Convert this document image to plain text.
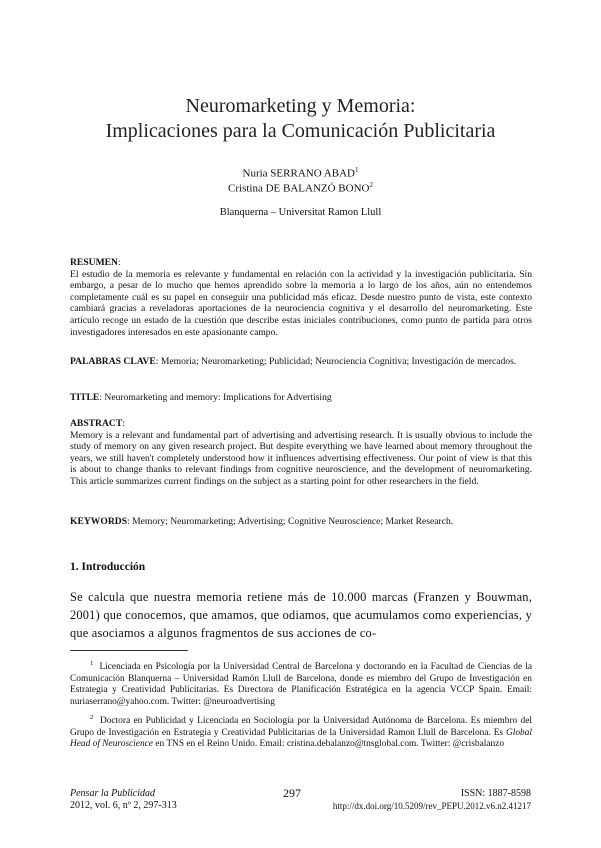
Neuromarketing y Memoria:
Implicaciones para la Comunicación Publicitaria
Nuria SERRANO ABAD$^1$
Cristina DE BALANZÓ BONO$^2$
Blanquerna – Universitat Ramon Llull
RESUMEN:
El estudio de la memoria es relevante y fundamental en relación con la actividad y la investigación publicitaria. Sin embargo, a pesar de lo mucho que hemos aprendido sobre la memoria a lo largo de los años, aún no entendemos completamente cuál es su papel en conseguir una publicidad más eficaz. Desde nuestro punto de vista, este contexto cambiará gracias a reveladoras aportaciones de la neurociencia cognitiva y el desarrollo del neuromarketing. Este artículo recoge un estado de la cuestión que describe estas iniciales contribuciones, como punto de partida para otros investigadores interesados en este apasionante campo.
PALABRAS CLAVE: Memoria; Neuromarketing; Publicidad; Neurociencia Cognitiva; Investigación de mercados.
TITLE: Neuromarketing and memory: Implications for Advertising
ABSTRACT:
Memory is a relevant and fundamental part of advertising and advertising research. It is usually obvious to include the study of memory on any given research project. But despite everything we have learned about memory throughout the years, we still haven't completely understood how it influences advertising effectiveness. Our point of view is that this is about to change thanks to relevant findings from cognitive neuroscience, and the development of neuromarketing. This article summarizes current findings on the subject as a starting point for other researchers in the field.
KEYWORDS: Memory; Neuromarketing; Advertising; Cognitive Neuroscience; Market Research.
1. Introducción
Se calcula que nuestra memoria retiene más de 10.000 marcas (Franzen y Bouwman, 2001) que conocemos, que amamos, que odiamos, que acumulamos como experiencias, y que asociamos a algunos fragmentos de sus acciones de co-
$^1$ Licenciada en Psicología por la Universidad Central de Barcelona y doctorando en la Facultad de Ciencias de la Comunicación Blanquerna – Universidad Ramón Llull de Barcelona, donde es miembro del Grupo de Investigación en Estrategia y Creatividad Publicitarias. Es Directora de Planificación Estratégica en la agencia VCCP Spain. Email: nuriaserrano@yahoo.com. Twitter: @neuroadvertising
$^2$ Doctora en Publicidad y Licenciada en Sociología por la Universidad Autónoma de Barcelona. Es miembro del Grupo de Investigación en Estrategia y Creatividad Publicitarias de la Universidad Ramon Llull de Barcelona. Es Global Head of Neuroscience en TNS en el Reino Unido. Email: cristina.debalanzo@tnsglobal.com. Twitter: @crisbalanzo
Pensar la Publicidad
2012, vol. 6, nº 2, 297-313
297	ISSN: 1887-8598
http://dx.doi.org/10.5209/rev_PEPU.2012.v6.n2.41217
